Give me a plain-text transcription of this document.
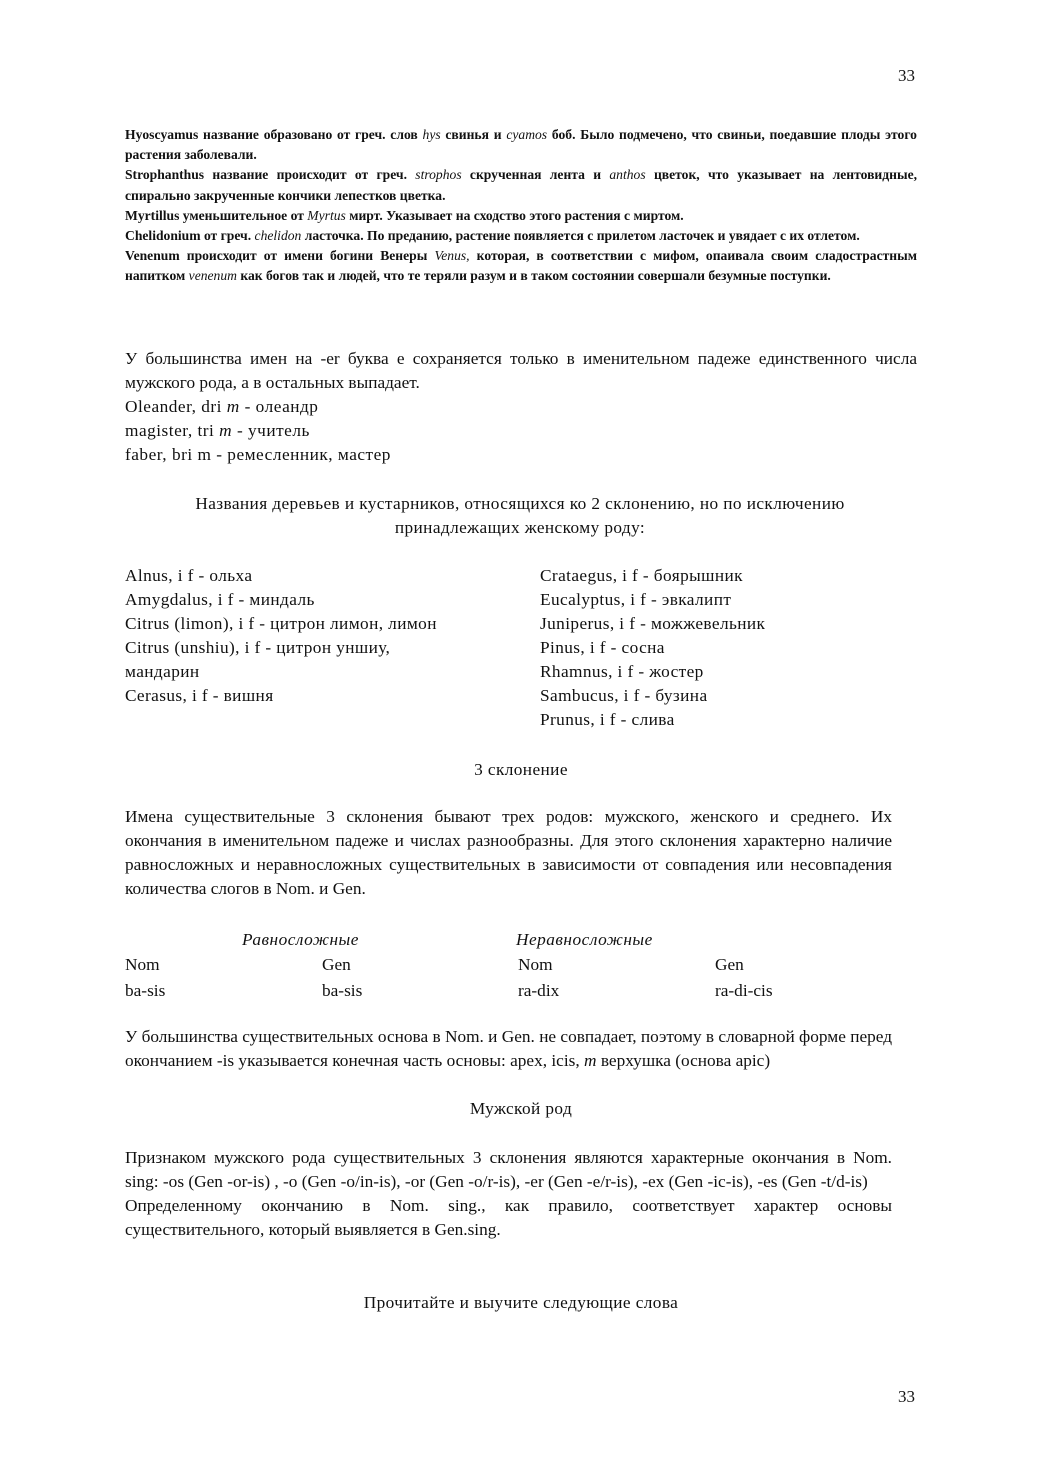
33

Hyoscyamus название образовано от греч. слов hys свинья и cyamos боб. Было подмечено, что свиньи, поедавшие плоды этого растения заболевали.

Strophanthus название происходит от греч. strophos скрученная лента и anthos цветок, что указывает на лентовидные, спирально закрученные кончики лепестков цветка.

Myrtillus уменьшительное от Myrtus мирт. Указывает на сходство этого растения с миртом.

Chelidonium от греч. chelidon ласточка. По преданию, растение появляется с прилетом ласточек и увядает с их отлетом.

Venenum происходит от имени богини Венеры Venus, которая, в соответствии с мифом, опаивала своим сладострастным напитком venenum как богов так и людей, что те теряли разум и в таком состоянии совершали безумные поступки.

У большинства имен на -er буква е сохраняется только в именительном падеже единственного числа мужского рода, а в остальных выпадает.

Oleander, dri m - олеандр

magister, tri m - учитель

faber, bri m - ремесленник, мастер

Названия деревьев и кустарников, относящихся ко 2 склонению, но по исключению принадлежащих женскому роду:
Alnus, i f - ольха
Amygdalus, i f - миндаль
Citrus (limon), i f - цитрон лимон, лимон
Citrus (unshiu), i f - цитрон уншиу, мандарин
Cerasus, i f - вишня
Crataegus, i f - боярышник
Eucalyptus, i f - эвкалипт
Juniperus, i f - можжевельник
Pinus, i f - сосна
Rhamnus, i f - жостер
Sambucus, i f - бузина
Prunus, i f - слива
3 склонение
Имена существительные 3 склонения бывают трех родов: мужского, женского и среднего. Их окончания в именительном падеже и числах разнообразны. Для этого склонения характерно наличие равносложных и неравносложных существительных в зависимости от совпадения или несовпадения количества слогов в Nom. и Gen.
Равносложные	Неравносложные
Nom	Gen	Nom	Gen
ba-sis	ba-sis	ra-dix	ra-di-cis

У большинства существительных основа в Nom. и Gen. не совпадает, поэтому в словарной форме перед окончанием -is указывается конечная часть основы: apex, icis, m верхушка (основа apic)

Мужской род

Признаком мужского рода существительных 3 склонения являются характерные окончания в Nom. sing: -os (Gen -or-is) , -o (Gen -o/in-is), -or (Gen -o/r-is), -er (Gen -e/r-is), -ex (Gen -ic-is), -es (Gen -t/d-is)

Определенному окончанию в Nom. sing., как правило, соответствует характер основы существительного, который выявляется в Gen.sing.

Прочитайте и выучите следующие слова
33
